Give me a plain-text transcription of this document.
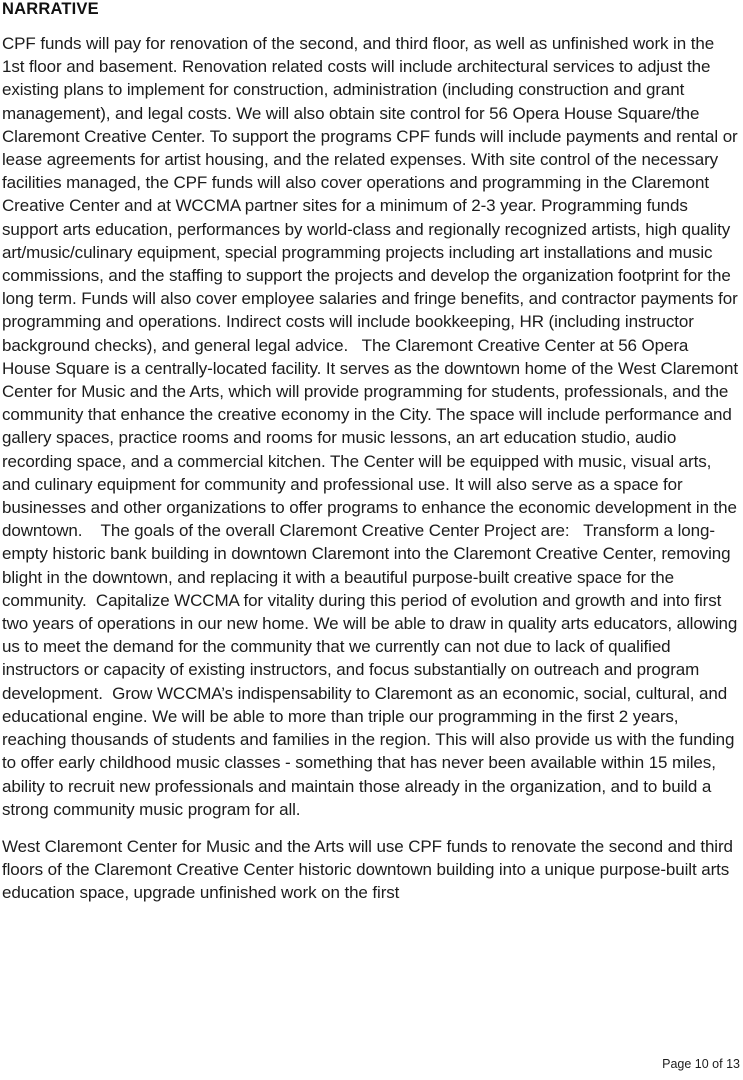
NARRATIVE

CPF funds will pay for renovation of the second, and third floor, as well as unfinished work in the 1st floor and basement. Renovation related costs will include architectural services to adjust the existing plans to implement for construction, administration (including construction and grant management), and legal costs. We will also obtain site control for 56 Opera House Square/the Claremont Creative Center. To support the programs CPF funds will include payments and rental or lease agreements for artist housing, and the related expenses. With site control of the necessary facilities managed, the CPF funds will also cover operations and programming in the Claremont Creative Center and at WCCMA partner sites for a minimum of 2-3 year. Programming funds support arts education, performances by world-class and regionally recognized artists, high quality art/music/culinary equipment, special programming projects including art installations and music commissions, and the staffing to support the projects and develop the organization footprint for the long term. Funds will also cover employee salaries and fringe benefits, and contractor payments for programming and operations. Indirect costs will include bookkeeping, HR (including instructor background checks), and general legal advice.   The Claremont Creative Center at 56 Opera House Square is a centrally-located facility. It serves as the downtown home of the West Claremont Center for Music and the Arts, which will provide programming for students, professionals, and the community that enhance the creative economy in the City. The space will include performance and gallery spaces, practice rooms and rooms for music lessons, an art education studio, audio recording space, and a commercial kitchen. The Center will be equipped with music, visual arts, and culinary equipment for community and professional use. It will also serve as a space for businesses and other organizations to offer programs to enhance the economic development in the downtown.    The goals of the overall Claremont Creative Center Project are:   Transform a long-empty historic bank building in downtown Claremont into the Claremont Creative Center, removing blight in the downtown, and replacing it with a beautiful purpose-built creative space for the community.  Capitalize WCCMA for vitality during this period of evolution and growth and into first two years of operations in our new home. We will be able to draw in quality arts educators, allowing us to meet the demand for the community that we currently can not due to lack of qualified instructors or capacity of existing instructors, and focus substantially on outreach and program development.  Grow WCCMA’s indispensability to Claremont as an economic, social, cultural, and educational engine. We will be able to more than triple our programming in the first 2 years, reaching thousands of students and families in the region. This will also provide us with the funding to offer early childhood music classes - something that has never been available within 15 miles, ability to recruit new professionals and maintain those already in the organization, and to build a strong community music program for all.

West Claremont Center for Music and the Arts will use CPF funds to renovate the second and third floors of the Claremont Creative Center historic downtown building into a unique purpose-built arts education space, upgrade unfinished work on the first

Page 10 of 13
